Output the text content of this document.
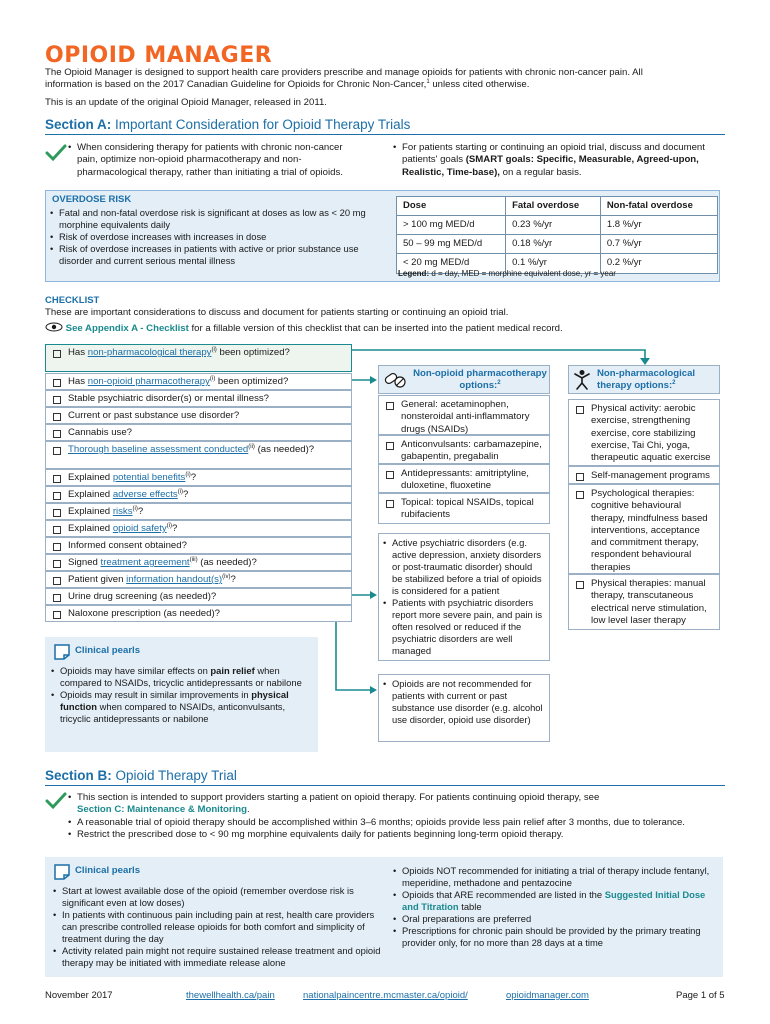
OPIOID MANAGER
The Opioid Manager is designed to support health care providers prescribe and manage opioids for patients with chronic non-cancer pain. All
information is based on the 2017 Canadian Guideline for Opioids for Chronic Non-Cancer,$^1$ unless cited otherwise.
This is an update of the original Opioid Manager, released in 2011.
Section A: Important Consideration for Opioid Therapy Trials
• When considering therapy for patients with chronic non-cancer pain, optimize non-opioid pharmacotherapy and non-pharmacological therapy, rather than initiating a trial of opioids.
• For patients starting or continuing an opioid trial, discuss and document patients' goals (SMART goals: Specific, Measurable, Agreed-upon, Realistic, Time-base), on a regular basis.
OVERDOSE RISK
• Fatal and non-fatal overdose risk is significant at doses as low as < 20 mg morphine equivalents daily
• Risk of overdose increases with increases in dose
• Risk of overdose increases in patients with active or prior substance use disorder and current serious mental illness
Dose	Fatal overdose	Non-fatal overdose
> 100 mg MED/d	0.23 %/yr	1.8 %/yr
50 – 99 mg MED/d	0.18 %/yr	0.7 %/yr
< 20 mg MED/d	0.1 %/yr	0.2 %/yr
Legend: d = day, MED = morphine equivalent dose, yr = year
CHECKLIST
These are important considerations to discuss and document for patients starting or continuing an opioid trial.
See Appendix A - Checklist for a fillable version of this checklist that can be inserted into the patient medical record.
Has non-pharmacological therapy$^{(i)}$ been optimized?
Has non-opioid pharmacotherapy$^{(i)}$ been optimized?
Stable psychiatric disorder(s) or mental illness?
Current or past substance use disorder?
Cannabis use?
Thorough baseline assessment conducted$^{(ii)}$ (as needed)?
Explained potential benefits$^{(i)}$?
Explained adverse effects$^{(i)}$?
Explained risks$^{(i)}$?
Explained opioid safety$^{(i)}$?
Informed consent obtained?
Signed treatment agreement$^{(iii)}$ (as needed)?
Patient given information $handout(s)^{(iv)}$?
Urine drug screening (as needed)?
Naloxone prescription (as needed)?
Clinical pearls
• Opioids may have similar effects on pain relief when compared to NSAIDs, tricyclic antidepressants or nabilone
• Opioids may result in similar improvements in physical function when compared to NSAIDs, anticonvulsants, tricyclic antidepressants or nabilone
Non-opioid pharmacotherapy options:$^2$
General: acetaminophen, nonsteroidal anti-inflammatory drugs (NSAIDs)
Anticonvulsants: carbamazepine, gabapentin, pregabalin
Antidepressants: amitriptyline, duloxetine, fluoxetine
Topical: topical NSAIDs, topical rubifacients
• Active psychiatric disorders (e.g. active depression, anxiety disorders or post-traumatic disorder) should be stabilized before a trial of opioids is considered for a patient
• Patients with psychiatric disorders report more severe pain, and pain is often resolved or reduced if the psychiatric disorders are well managed
• Opioids are not recommended for patients with current or past substance use disorder (e.g. alcohol use disorder, opioid use disorder)
Non-pharmacological therapy options:$^2$
Physical activity: aerobic exercise, strengthening exercise, core stabilizing exercise, Tai Chi, yoga, therapeutic aquatic exercise
Self-management programs
Psychological therapies: cognitive behavioural therapy, mindfulness based interventions, acceptance and commitment therapy, respondent behavioural therapies
Physical therapies: manual therapy, transcutaneous electrical nerve stimulation, low level laser therapy
Section B: Opioid Therapy Trial
• This section is intended to support providers starting a patient on opioid therapy. For patients continuing opioid therapy, see
Section C: Maintenance & Monitoring.
• A reasonable trial of opioid therapy should be accomplished within 3–6 months; opioids provide less pain relief after 3 months, due to tolerance.
• Restrict the prescribed dose to < 90 mg morphine equivalents daily for patients beginning long-term opioid therapy.
Clinical pearls
• Start at lowest available dose of the opioid (remember overdose risk is significant even at low doses)
• In patients with continuous pain including pain at rest, health care providers can prescribe controlled release opioids for both comfort and simplicity of treatment during the day
• Activity related pain might not require sustained release treatment and opioid therapy may be initiated with immediate release alone
• Opioids NOT recommended for initiating a trial of therapy include fentanyl, meperidine, methadone and pentazocine
• Opioids that ARE recommended are listed in the Suggested Initial Dose and Titration table
• Oral preparations are preferred
• Prescriptions for chronic pain should be provided by the primary treating provider only, for no more than 28 days at a time
November 2017	thewellhealth.ca/pain	nationalpaincentre.mcmaster.ca/opioid/	opioidmanager.com	Page 1 of 5
